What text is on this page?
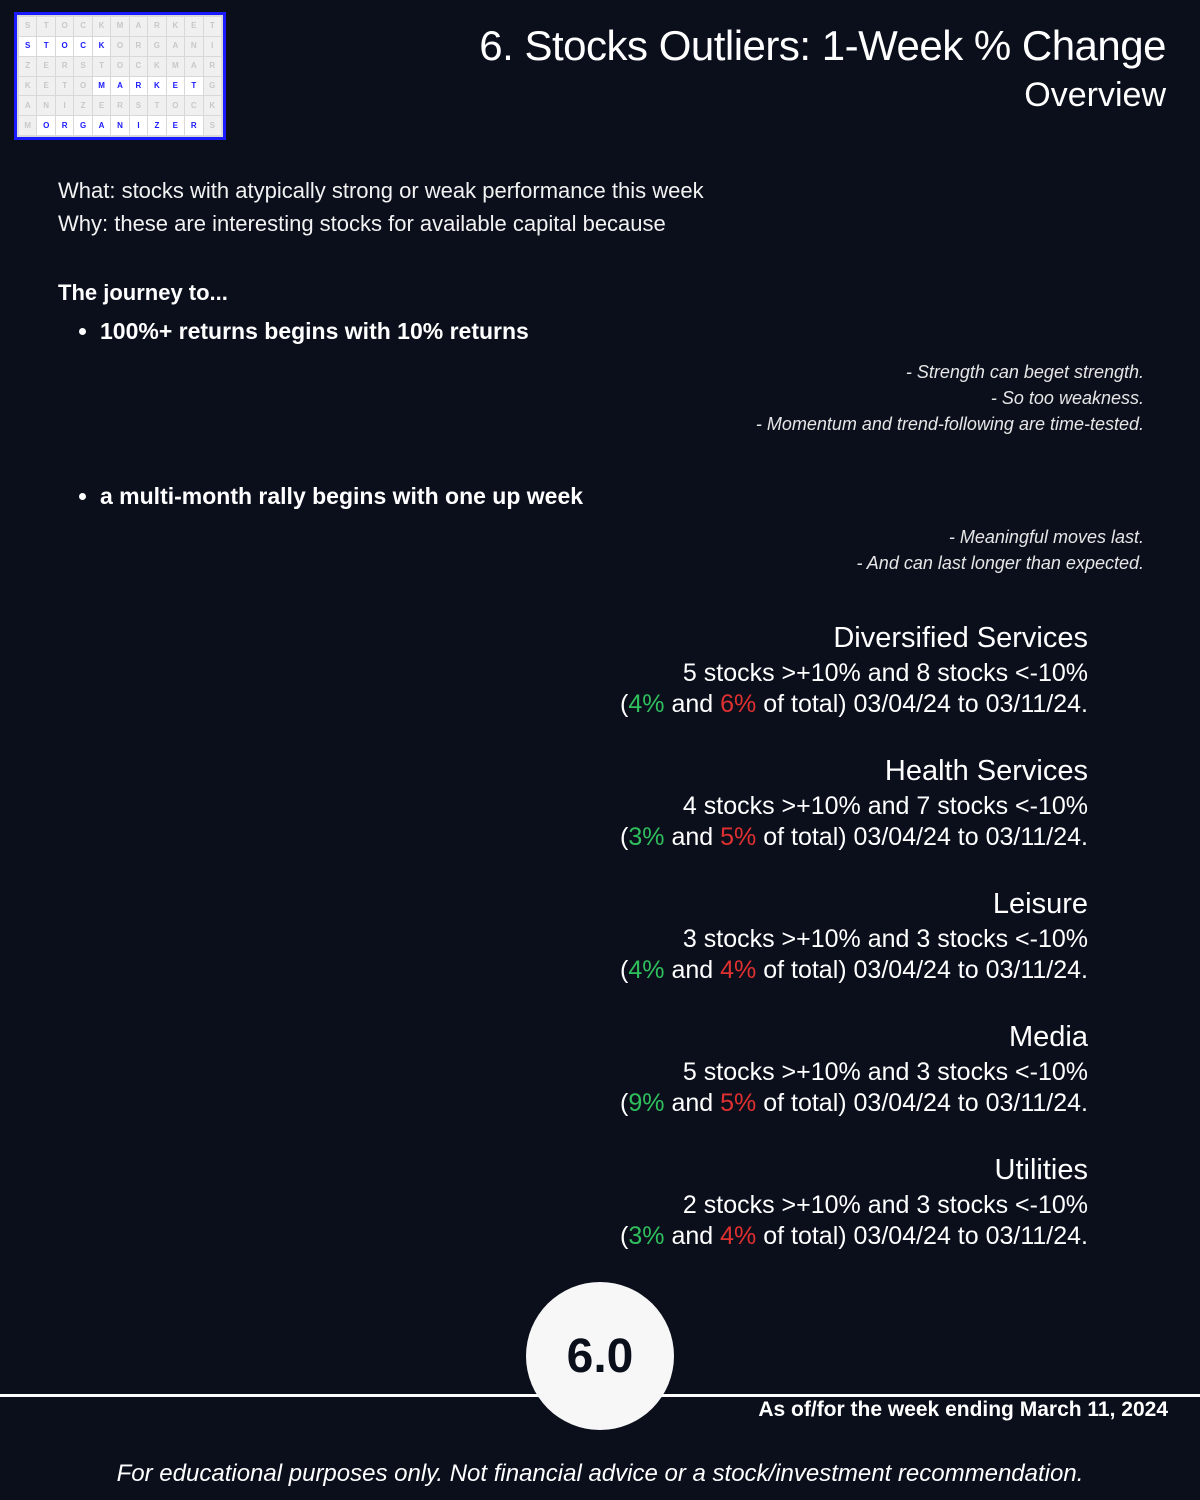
S	T	O	C	K	M	A	R	K	E	T
S	T	O	C	K	O	R	G	A	N	I
Z	E	R	S	T	O	C	K	M	A	R
K	E	T	O	M	A	R	K	E	T	G
A	N	I	Z	E	R	S	T	O	C	K
M	O	R	G	A	N	I	Z	E	R	S
6. Stocks Outliers: 1-Week % Change
Overview
What: stocks with atypically strong or weak performance this week
Why: these are interesting stocks for available capital because
The journey to...
• 100%+ returns begins with 10% returns
- Strength can beget strength.
- So too weakness.
- Momentum and trend-following are time-tested.
• a multi-month rally begins with one up week
- Meaningful moves last.
- And can last longer than expected.
Diversified Services
5 stocks >+10% and 8 stocks <-10%
(4% and 6% of total) 03/04/24 to 03/11/24.
Health Services
4 stocks >+10% and 7 stocks <-10%
(3% and 5% of total) 03/04/24 to 03/11/24.
Leisure
3 stocks >+10% and 3 stocks <-10%
(4% and 4% of total) 03/04/24 to 03/11/24.
Media
5 stocks >+10% and 3 stocks <-10%
(9% and 5% of total) 03/04/24 to 03/11/24.
Utilities
2 stocks >+10% and 3 stocks <-10%
(3% and 4% of total) 03/04/24 to 03/11/24.
6.0
As of/for the week ending March 11, 2024
For educational purposes only. Not financial advice or a stock/investment recommendation.
